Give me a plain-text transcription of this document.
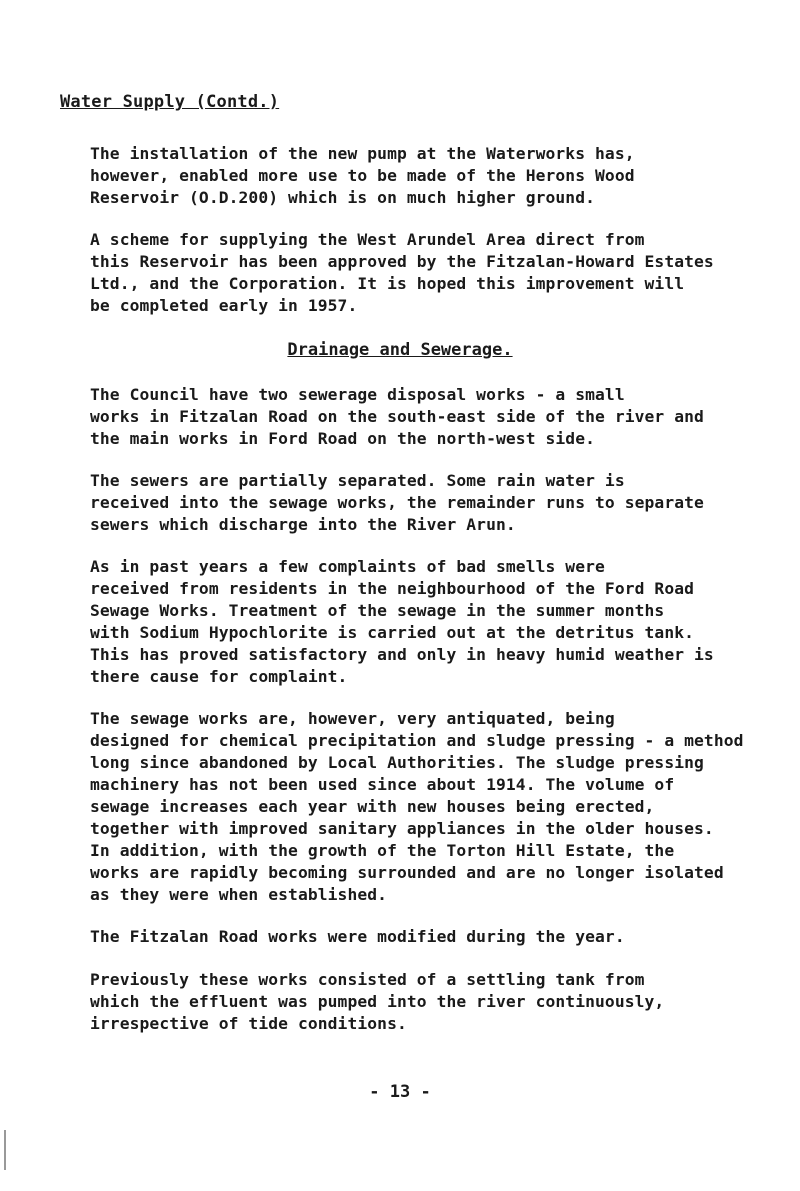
Water Supply (Contd.)
The installation of the new pump at the Waterworks has,
however, enabled more use to be made of the Herons Wood
Reservoir (O.D.200) which is on much higher ground.
A scheme for supplying the West Arundel Area direct from
this Reservoir has been approved by the Fitzalan-Howard Estates
Ltd., and the Corporation. It is hoped this improvement will
be completed early in 1957.
Drainage and Sewerage.
The Council have two sewerage disposal works - a small
works in Fitzalan Road on the south-east side of the river and
the main works in Ford Road on the north-west side.
The sewers are partially separated. Some rain water is
received into the sewage works, the remainder runs to separate
sewers which discharge into the River Arun.
As in past years a few complaints of bad smells were
received from residents in the neighbourhood of the Ford Road
Sewage Works. Treatment of the sewage in the summer months
with Sodium Hypochlorite is carried out at the detritus tank.
This has proved satisfactory and only in heavy humid weather is
there cause for complaint.
The sewage works are, however, very antiquated, being
designed for chemical precipitation and sludge pressing - a method
long since abandoned by Local Authorities. The sludge pressing
machinery has not been used since about 1914. The volume of
sewage increases each year with new houses being erected,
together with improved sanitary appliances in the older houses.
In addition, with the growth of the Torton Hill Estate, the
works are rapidly becoming surrounded and are no longer isolated
as they were when established.
The Fitzalan Road works were modified during the year.
Previously these works consisted of a settling tank from
which the effluent was pumped into the river continuously,
irrespective of tide conditions.
- 13 -
